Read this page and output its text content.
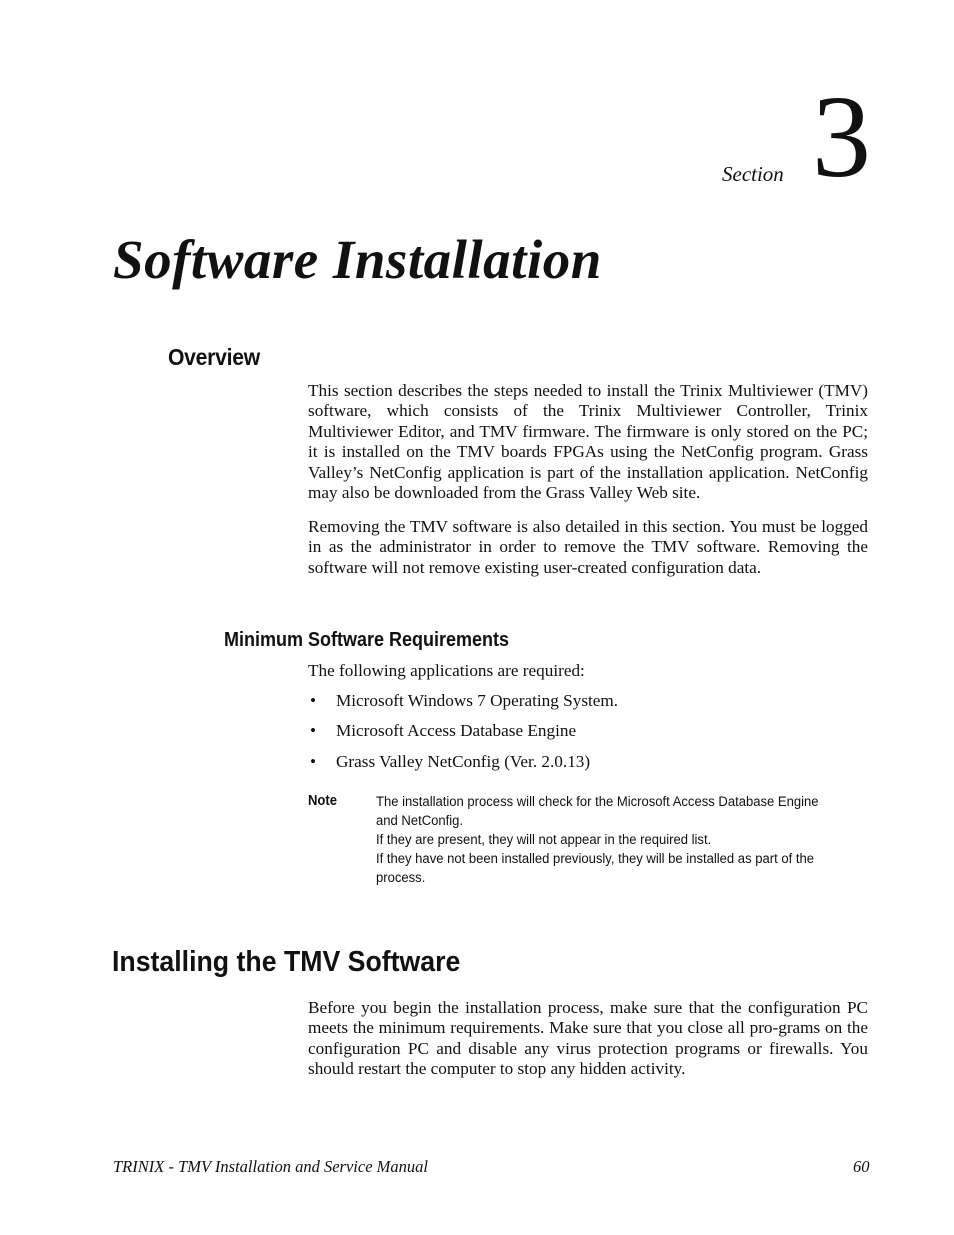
Section 3
Software Installation
Overview
This section describes the steps needed to install the Trinix Multiviewer (TMV) software, which consists of the Trinix Multiviewer Controller, Trinix Multiviewer Editor, and TMV firmware. The firmware is only stored on the PC; it is installed on the TMV boards FPGAs using the NetConfig program. Grass Valley’s NetConfig application is part of the installation application. NetConfig may also be downloaded from the Grass Valley Web site.
Removing the TMV software is also detailed in this section. You must be logged in as the administrator in order to remove the TMV software. Removing the software will not remove existing user-created configuration data.
Minimum Software Requirements
The following applications are required:
• Microsoft Windows 7 Operating System.
• Microsoft Access Database Engine
• Grass Valley NetConfig (Ver. 2.0.13)
Note	The installation process will check for the Microsoft Access Database Engine
and NetConfig.
If they are present, they will not appear in the required list.
If they have not been installed previously, they will be installed as part of the
process.
Installing the TMV Software
Before you begin the installation process, make sure that the configuration PC meets the minimum requirements. Make sure that you close all pro-grams on the configuration PC and disable any virus protection programs or firewalls. You should restart the computer to stop any hidden activity.
TRINIX - TMV Installation and Service Manual	60
